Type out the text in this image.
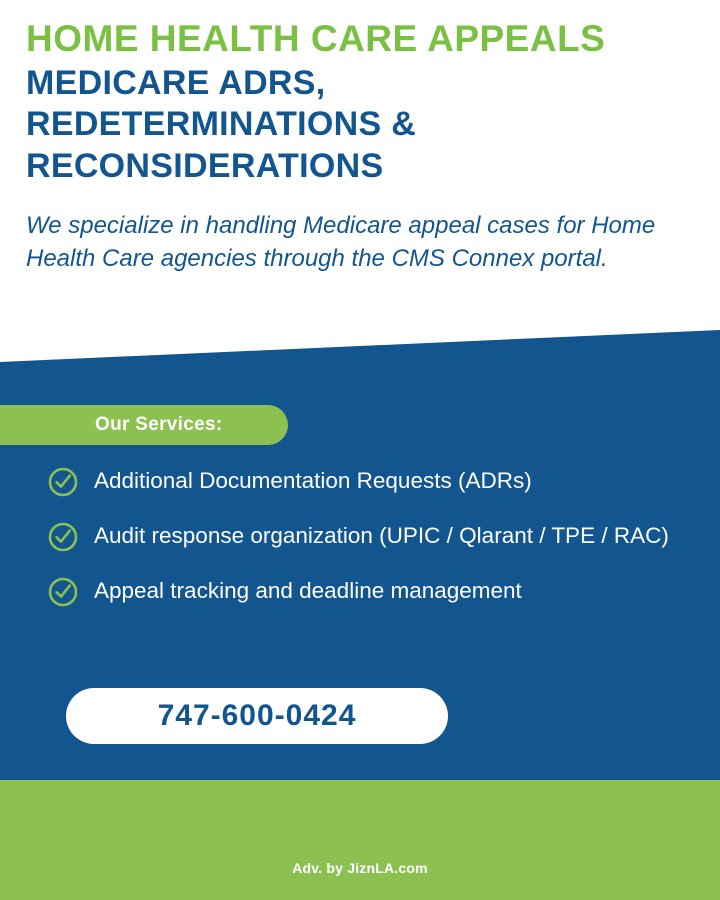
HOME HEALTH CARE APPEALS
MEDICARE ADRS,
REDETERMINATIONS &
RECONSIDERATIONS
We specialize in handling Medicare appeal cases for Home Health Care agencies through the CMS Connex portal.
Our Services:
Additional Documentation Requests (ADRs)
Audit response organization (UPIC / Qlarant / TPE / RAC)
Appeal tracking and deadline management
747-600-0424
Adv. by JiznLA.com
